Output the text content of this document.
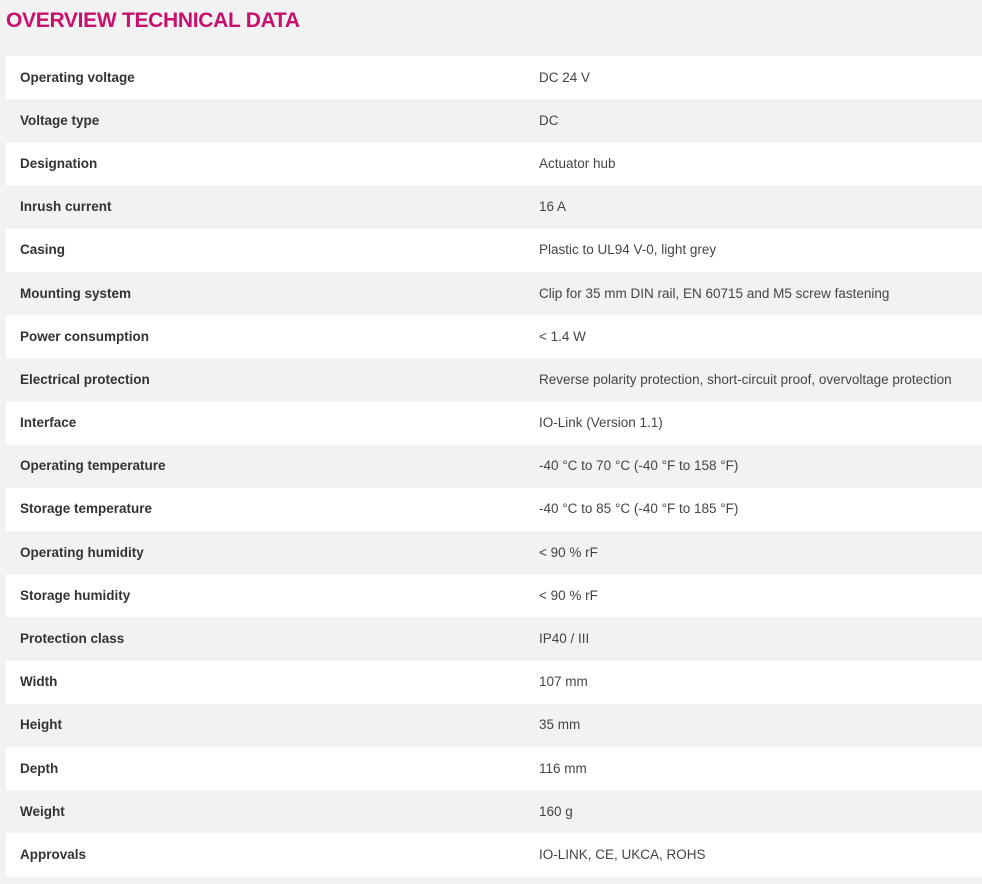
OVERVIEW TECHNICAL DATA
Operating voltage	DC 24 V
Voltage type	DC
Designation	Actuator hub
Inrush current	16 A
Casing	Plastic to UL94 V-0, light grey
Mounting system	Clip for 35 mm DIN rail, EN 60715 and M5 screw fastening
Power consumption	< 1.4 W
Electrical protection	Reverse polarity protection, short-circuit proof, overvoltage protection
Interface	IO-Link (Version 1.1)
Operating temperature	-40 °C to 70 °C (-40 °F to 158 °F)
Storage temperature	-40 °C to 85 °C (-40 °F to 185 °F)
Operating humidity	< 90 % rF
Storage humidity	< 90 % rF
Protection class	IP40 / III
Width	107 mm
Height	35 mm
Depth	116 mm
Weight	160 g
Approvals	IO-LINK, CE, UKCA, ROHS
